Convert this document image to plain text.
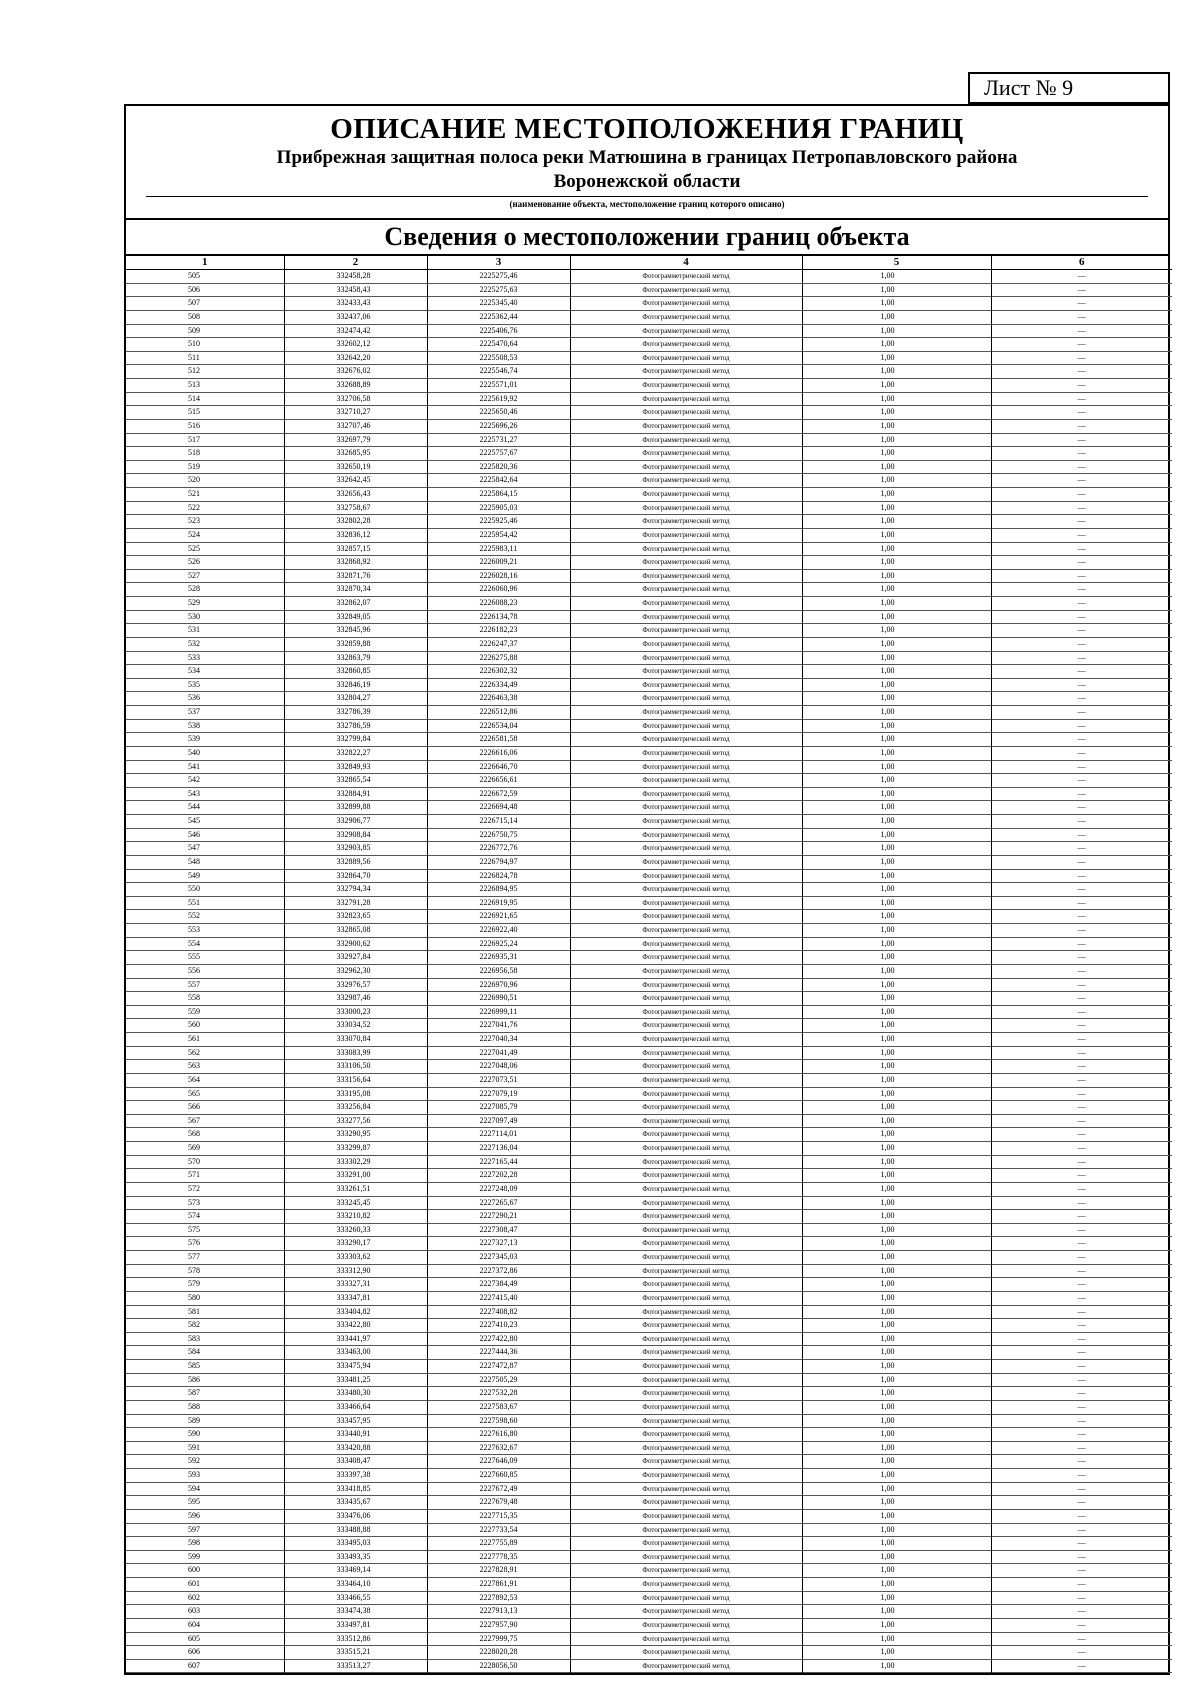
Лист № 9
ОПИСАНИЕ МЕСТОПОЛОЖЕНИЯ ГРАНИЦ
Прибрежная защитная полоса реки Матюшина в границах Петропавловского района
Воронежской области
(наименование объекта, местоположение границ которого описано)
Сведения о местоположении границ объекта
1	2	3	4	5	6
505	332458,28	2225275,46	Фотограмметрический метод	1,00	—
506	332458,43	2225275,63	Фотограмметрический метод	1,00	—
507	332433,43	2225345,40	Фотограмметрический метод	1,00	—
508	332437,06	2225362,44	Фотограмметрический метод	1,00	—
509	332474,42	2225406,76	Фотограмметрический метод	1,00	—
510	332602,12	2225470,64	Фотограмметрический метод	1,00	—
511	332642,20	2225508,53	Фотограмметрический метод	1,00	—
512	332676,02	2225546,74	Фотограмметрический метод	1,00	—
513	332688,89	2225571,01	Фотограмметрический метод	1,00	—
514	332706,58	2225619,92	Фотограмметрический метод	1,00	—
515	332710,27	2225650,46	Фотограмметрический метод	1,00	—
516	332707,46	2225696,26	Фотограмметрический метод	1,00	—
517	332697,79	2225731,27	Фотограмметрический метод	1,00	—
518	332685,95	2225757,67	Фотограмметрический метод	1,00	—
519	332650,19	2225820,36	Фотограмметрический метод	1,00	—
520	332642,45	2225842,64	Фотограмметрический метод	1,00	—
521	332656,43	2225864,15	Фотограмметрический метод	1,00	—
522	332758,67	2225905,03	Фотограмметрический метод	1,00	—
523	332802,28	2225925,46	Фотограмметрический метод	1,00	—
524	332836,12	2225954,42	Фотограмметрический метод	1,00	—
525	332857,15	2225983,11	Фотограмметрический метод	1,00	—
526	332868,92	2226009,21	Фотограмметрический метод	1,00	—
527	332871,76	2226028,16	Фотограмметрический метод	1,00	—
528	332870,34	2226060,96	Фотограмметрический метод	1,00	—
529	332862,07	2226088,23	Фотограмметрический метод	1,00	—
530	332849,05	2226134,78	Фотограмметрический метод	1,00	—
531	332845,96	2226182,23	Фотограмметрический метод	1,00	—
532	332859,88	2226247,37	Фотограмметрический метод	1,00	—
533	332863,79	2226275,88	Фотограмметрический метод	1,00	—
534	332860,85	2226302,32	Фотограмметрический метод	1,00	—
535	332846,19	2226334,49	Фотограмметрический метод	1,00	—
536	332804,27	2226463,38	Фотограмметрический метод	1,00	—
537	332786,39	2226512,86	Фотограмметрический метод	1,00	—
538	332786,59	2226534,04	Фотограмметрический метод	1,00	—
539	332799,84	2226581,58	Фотограмметрический метод	1,00	—
540	332822,27	2226616,06	Фотограмметрический метод	1,00	—
541	332849,93	2226646,70	Фотограмметрический метод	1,00	—
542	332865,54	2226656,61	Фотограмметрический метод	1,00	—
543	332884,91	2226672,59	Фотограмметрический метод	1,00	—
544	332899,88	2226694,48	Фотограмметрический метод	1,00	—
545	332906,77	2226715,14	Фотограмметрический метод	1,00	—
546	332908,84	2226750,75	Фотограмметрический метод	1,00	—
547	332903,85	2226772,76	Фотограмметрический метод	1,00	—
548	332889,56	2226794,97	Фотограмметрический метод	1,00	—
549	332864,70	2226824,78	Фотограмметрический метод	1,00	—
550	332794,34	2226894,95	Фотограмметрический метод	1,00	—
551	332791,28	2226919,95	Фотограмметрический метод	1,00	—
552	332823,65	2226921,65	Фотограмметрический метод	1,00	—
553	332865,08	2226922,40	Фотограмметрический метод	1,00	—
554	332900,62	2226925,24	Фотограмметрический метод	1,00	—
555	332927,84	2226935,31	Фотограмметрический метод	1,00	—
556	332962,30	2226956,58	Фотограмметрический метод	1,00	—
557	332976,57	2226970,96	Фотограмметрический метод	1,00	—
558	332987,46	2226990,51	Фотограмметрический метод	1,00	—
559	333000,23	2226999,11	Фотограмметрический метод	1,00	—
560	333034,52	2227041,76	Фотограмметрический метод	1,00	—
561	333070,84	2227040,34	Фотограмметрический метод	1,00	—
562	333083,99	2227041,49	Фотограмметрический метод	1,00	—
563	333106,50	2227048,06	Фотограмметрический метод	1,00	—
564	333156,64	2227073,51	Фотограмметрический метод	1,00	—
565	333195,08	2227079,19	Фотограмметрический метод	1,00	—
566	333256,84	2227085,79	Фотограмметрический метод	1,00	—
567	333277,56	2227097,49	Фотограмметрический метод	1,00	—
568	333290,95	2227114,01	Фотограмметрический метод	1,00	—
569	333299,87	2227136,04	Фотограмметрический метод	1,00	—
570	333302,29	2227165,44	Фотограмметрический метод	1,00	—
571	333291,00	2227202,28	Фотограмметрический метод	1,00	—
572	333261,51	2227248,09	Фотограмметрический метод	1,00	—
573	333245,45	2227265,67	Фотограмметрический метод	1,00	—
574	333210,82	2227290,21	Фотограмметрический метод	1,00	—
575	333260,33	2227308,47	Фотограмметрический метод	1,00	—
576	333290,17	2227327,13	Фотограмметрический метод	1,00	—
577	333303,62	2227345,03	Фотограмметрический метод	1,00	—
578	333312,90	2227372,86	Фотограмметрический метод	1,00	—
579	333327,31	2227384,49	Фотограмметрический метод	1,00	—
580	333347,81	2227415,40	Фотограмметрический метод	1,00	—
581	333404,82	2227408,82	Фотограмметрический метод	1,00	—
582	333422,80	2227410,23	Фотограмметрический метод	1,00	—
583	333441,97	2227422,80	Фотограмметрический метод	1,00	—
584	333463,00	2227444,36	Фотограмметрический метод	1,00	—
585	333475,94	2227472,87	Фотограмметрический метод	1,00	—
586	333481,25	2227505,29	Фотограмметрический метод	1,00	—
587	333480,30	2227532,28	Фотограмметрический метод	1,00	—
588	333466,64	2227583,67	Фотограмметрический метод	1,00	—
589	333457,95	2227598,60	Фотограмметрический метод	1,00	—
590	333440,91	2227616,80	Фотограмметрический метод	1,00	—
591	333420,88	2227632,67	Фотограмметрический метод	1,00	—
592	333408,47	2227646,09	Фотограмметрический метод	1,00	—
593	333397,38	2227660,85	Фотограмметрический метод	1,00	—
594	333418,85	2227672,49	Фотограмметрический метод	1,00	—
595	333435,67	2227679,48	Фотограмметрический метод	1,00	—
596	333476,06	2227715,35	Фотограмметрический метод	1,00	—
597	333488,88	2227733,54	Фотограмметрический метод	1,00	—
598	333495,03	2227755,89	Фотограмметрический метод	1,00	—
599	333493,35	2227778,35	Фотограмметрический метод	1,00	—
600	333469,14	2227828,91	Фотограмметрический метод	1,00	—
601	333464,10	2227861,91	Фотограмметрический метод	1,00	—
602	333466,55	2227892,53	Фотограмметрический метод	1,00	—
603	333474,38	2227913,13	Фотограмметрический метод	1,00	—
604	333497,81	2227957,90	Фотограмметрический метод	1,00	—
605	333512,86	2227999,75	Фотограмметрический метод	1,00	—
606	333515,21	2228020,28	Фотограмметрический метод	1,00	—
607	333513,27	2228056,50	Фотограмметрический метод	1,00	—
